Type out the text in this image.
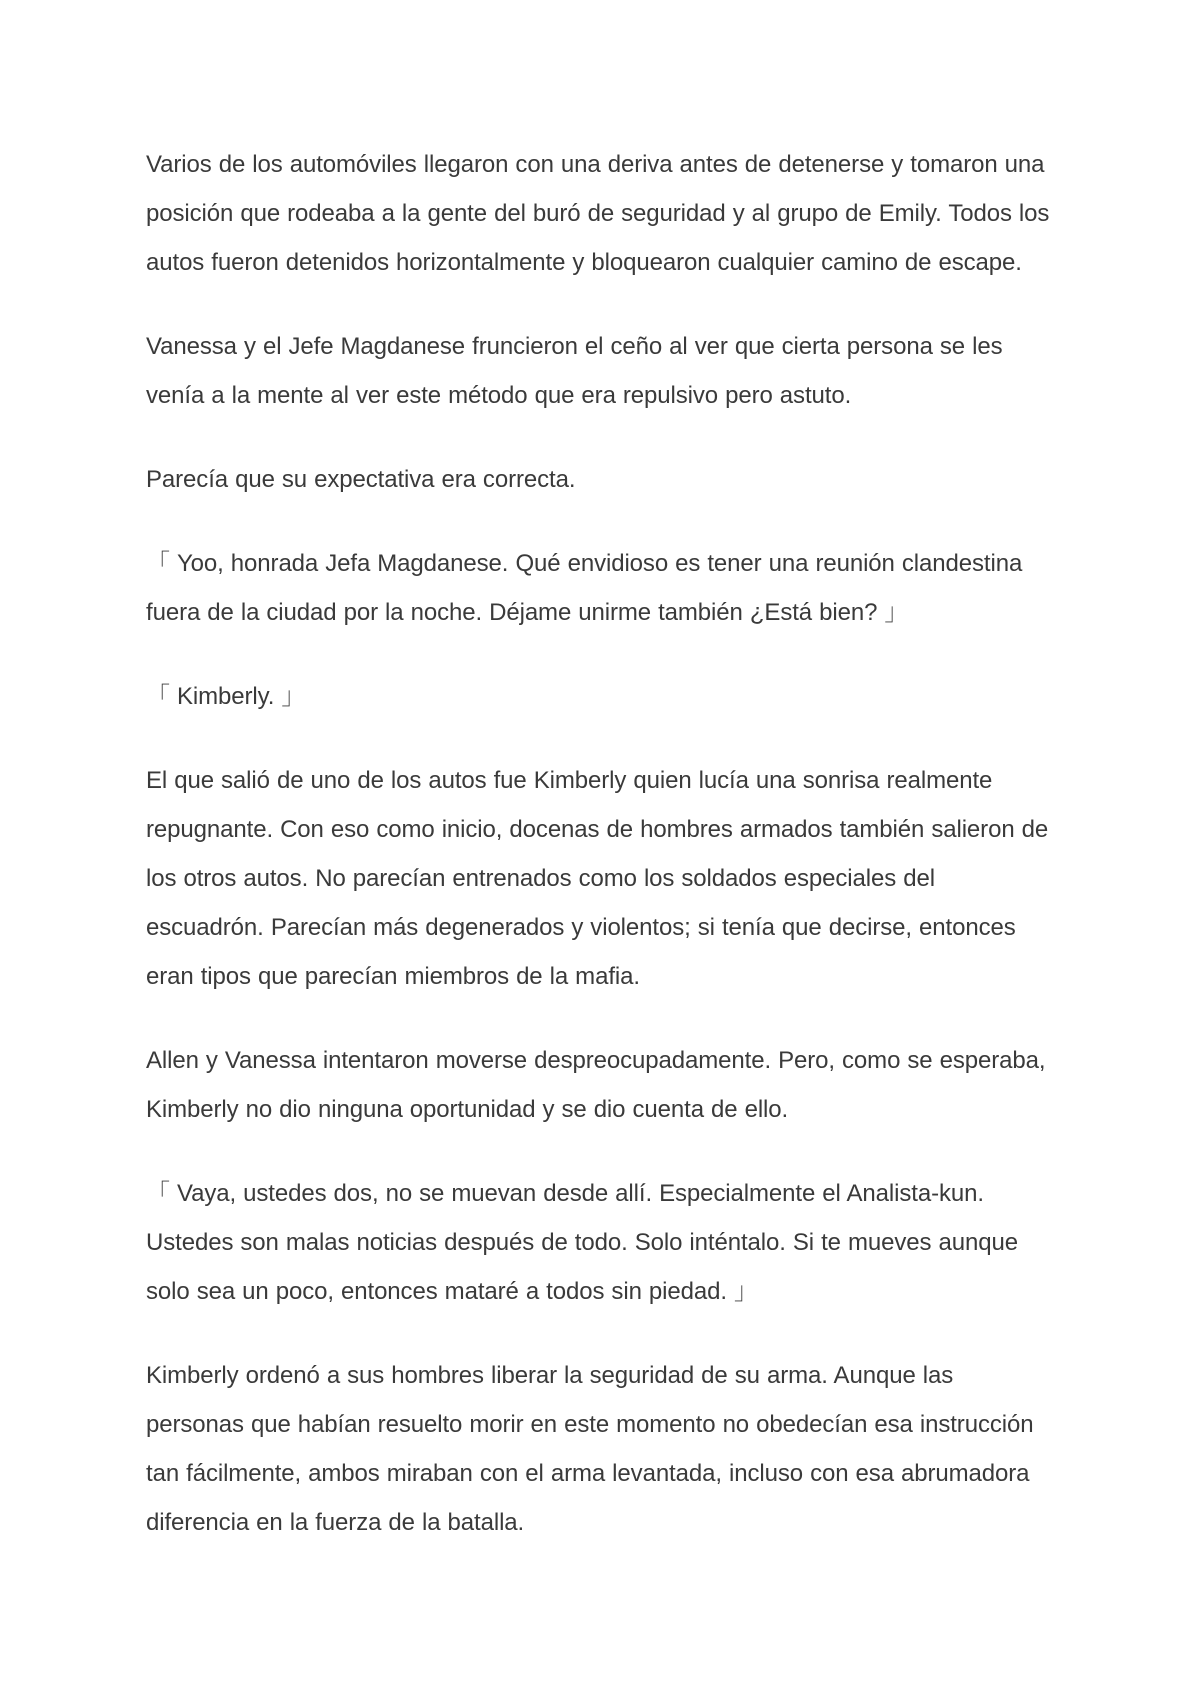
Varios de los automóviles llegaron con una deriva antes de detenerse y tomaron una posición que rodeaba a la gente del buró de seguridad y al grupo de Emily. Todos los autos fueron detenidos horizontalmente y bloquearon cualquier camino de escape.

Vanessa y el Jefe Magdanese fruncieron el ceño al ver que cierta persona se les venía a la mente al ver este método que era repulsivo pero astuto.

Parecía que su expectativa era correcta.

「 Yoo, honrada Jefa Magdanese. Qué envidioso es tener una reunión clandestina fuera de la ciudad por la noche. Déjame unirme también ¿Está bien? 」

「 Kimberly. 」

El que salió de uno de los autos fue Kimberly quien lucía una sonrisa realmente repugnante. Con eso como inicio, docenas de hombres armados también salieron de los otros autos. No parecían entrenados como los soldados especiales del escuadrón. Parecían más degenerados y violentos; si tenía que decirse, entonces eran tipos que parecían miembros de la mafia.

Allen y Vanessa intentaron moverse despreocupadamente. Pero, como se esperaba, Kimberly no dio ninguna oportunidad y se dio cuenta de ello.

「 Vaya, ustedes dos, no se muevan desde allí. Especialmente el Analista-kun. Ustedes son malas noticias después de todo. Solo inténtalo. Si te mueves aunque solo sea un poco, entonces mataré a todos sin piedad. 」

Kimberly ordenó a sus hombres liberar la seguridad de su arma. Aunque las personas que habían resuelto morir en este momento no obedecían esa instrucción tan fácilmente, ambos miraban con el arma levantada, incluso con esa abrumadora diferencia en la fuerza de la batalla.
